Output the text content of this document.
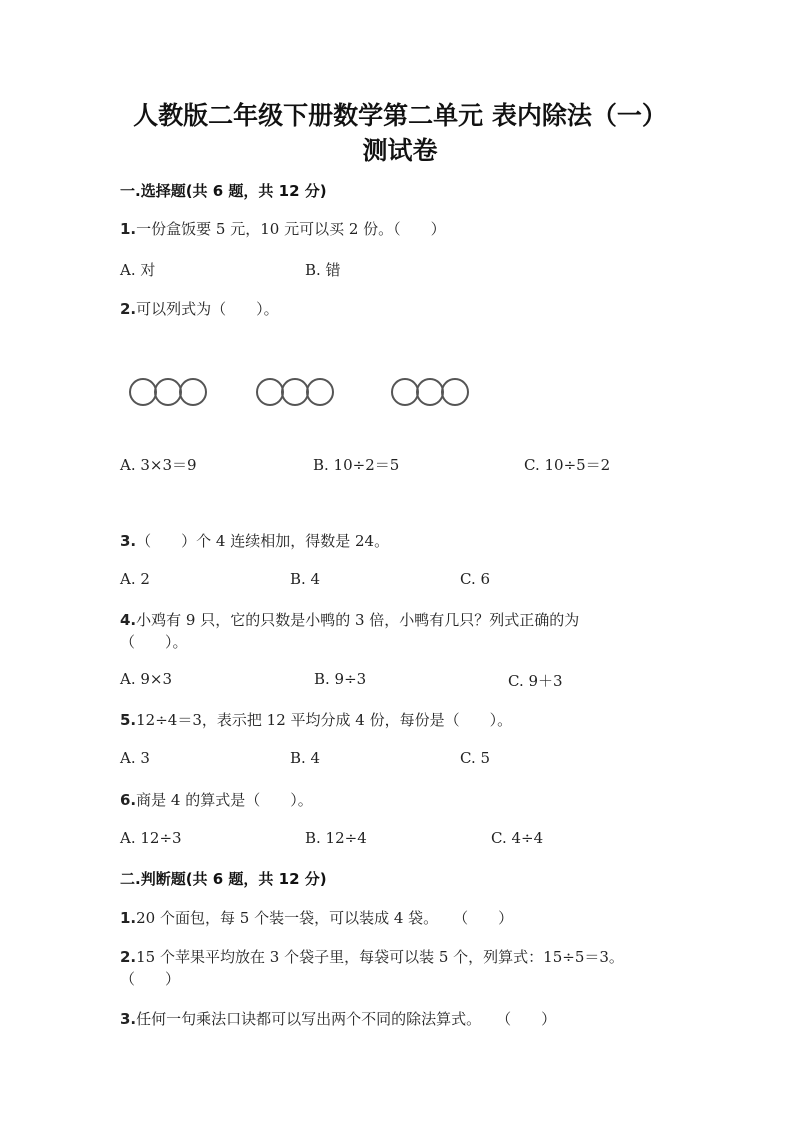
人教版二年级下册数学第二单元 表内除法（一）
测试卷
一.选择题(共 6 题，共 12 分)
1.一份盒饭要 5 元，10 元可以买 2 份。（　　）
A. 对	B. 错
2.可以列式为（　　）。
A. 3×3＝9	B. 10÷2＝5	C. 10÷5＝2
3.（　　）个 4 连续相加，得数是 24。
A. 2	B. 4	C. 6
4.小鸡有 9 只，它的只数是小鸭的 3 倍，小鸭有几只？列式正确的为
（　　）。
A. 9×3	B. 9÷3	C. 9＋3
5.12÷4＝3，表示把 12 平均分成 4 份，每份是（　　）。
A. 3	B. 4	C. 5
6.商是 4 的算式是（　　）。
A. 12÷3	B. 12÷4	C. 4÷4
二.判断题(共 6 题，共 12 分)
1.20 个面包，每 5 个装一袋，可以装成 4 袋。　　（　　）
2.15 个苹果平均放在 3 个袋子里，每袋可以装 5 个，列算式：15÷5＝3。
（　　）
3.任何一句乘法口诀都可以写出两个不同的除法算式。　　（　　）
